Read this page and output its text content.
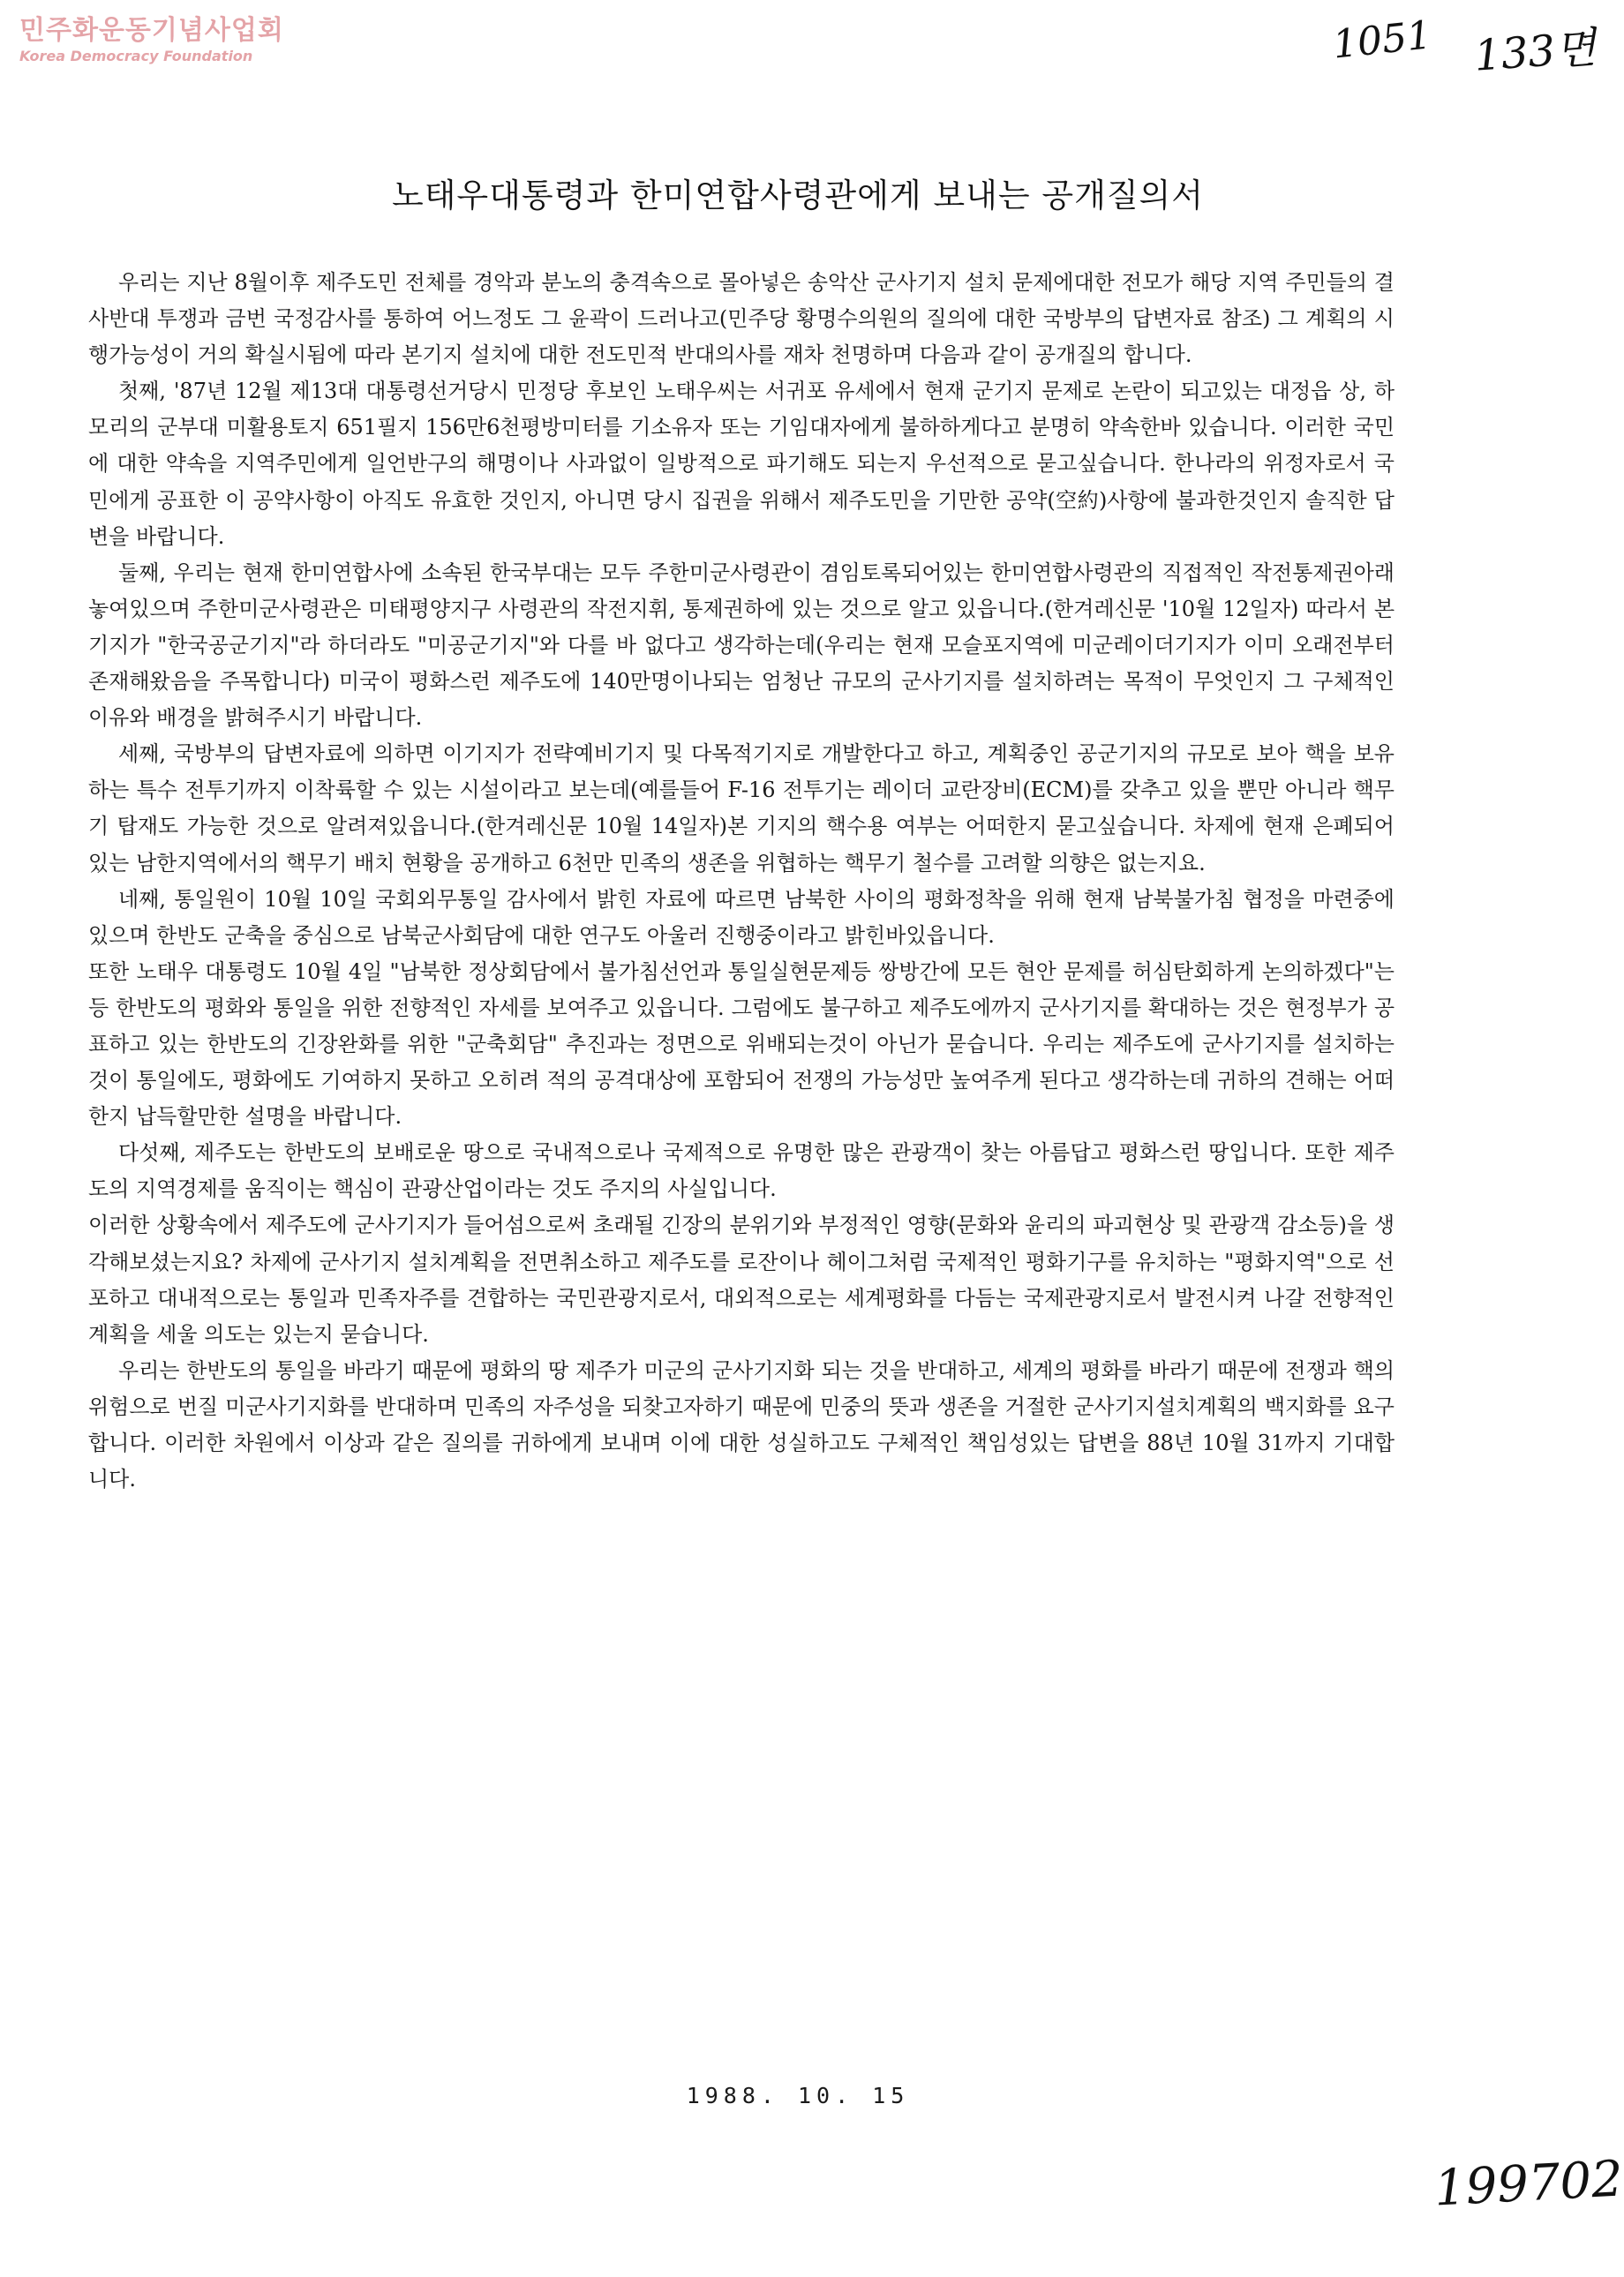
민주화운동기념사업회
Korea Democracy Foundation	1051 133면
노태우대통령과 한미연합사령관에게 보내는 공개질의서

우리는 지난 8월이후 제주도민 전체를 경악과 분노의 충격속으로 몰아넣은 송악산 군사기지 설치 문제에대한 전모가 해당 지역 주민들의 결사반대 투쟁과 금번 국정감사를 통하여 어느정도 그 윤곽이 드러나고(민주당 황명수의원의 질의에 대한 국방부의 답변자료 참조) 그 계획의 시행가능성이 거의 확실시됨에 따라 본기지 설치에 대한 전도민적 반대의사를 재차 천명하며 다음과 같이 공개질의 합니다.

첫째, '87년 12월 제13대 대통령선거당시 민정당 후보인 노태우씨는 서귀포 유세에서 현재 군기지 문제로 논란이 되고있는 대정읍 상, 하모리의 군부대 미활용토지 651필지 156만6천평방미터를 기소유자 또는 기임대자에게 불하하게다고 분명히 약속한바 있습니다. 이러한 국민에 대한 약속을 지역주민에게 일언반구의 해명이나 사과없이 일방적으로 파기해도 되는지 우선적으로 묻고싶습니다. 한나라의 위정자로서 국민에게 공표한 이 공약사항이 아직도 유효한 것인지, 아니면 당시 집권을 위해서 제주도민을 기만한 공약(空約)사항에 불과한것인지 솔직한 답변을 바랍니다.

둘째, 우리는 현재 한미연합사에 소속된 한국부대는 모두 주한미군사령관이 겸임토록되어있는 한미연합사령관의 직접적인 작전통제권아래 놓여있으며 주한미군사령관은 미태평양지구 사령관의 작전지휘, 통제권하에 있는 것으로 알고 있읍니다.(한겨레신문 '10월 12일자) 따라서 본 기지가 "한국공군기지"라 하더라도 "미공군기지"와 다를 바 없다고 생각하는데(우리는 현재 모슬포지역에 미군레이더기지가 이미 오래전부터 존재해왔음을 주목합니다) 미국이 평화스런 제주도에 140만명이나되는 엄청난 규모의 군사기지를 설치하려는 목적이 무엇인지 그 구체적인 이유와 배경을 밝혀주시기 바랍니다.

세째, 국방부의 답변자료에 의하면 이기지가 전략예비기지 및 다목적기지로 개발한다고 하고, 계획중인 공군기지의 규모로 보아 핵을 보유하는 특수 전투기까지 이착륙할 수 있는 시설이라고 보는데(예를들어 F-16 전투기는 레이더 교란장비(ECM)를 갖추고 있을 뿐만 아니라 핵무기 탑재도 가능한 것으로 알려져있읍니다.(한겨레신문 10월 14일자)본 기지의 핵수용 여부는 어떠한지 묻고싶습니다. 차제에 현재 은폐되어 있는 남한지역에서의 핵무기 배치 현황을 공개하고 6천만 민족의 생존을 위협하는 핵무기 철수를 고려할 의향은 없는지요.

네째, 통일원이 10월 10일 국회외무통일 감사에서 밝힌 자료에 따르면 남북한 사이의 평화정착을 위해 현재 남북불가침 협정을 마련중에 있으며 한반도 군축을 중심으로 남북군사회담에 대한 연구도 아울러 진행중이라고 밝힌바있읍니다.

또한 노태우 대통령도 10월 4일 "남북한 정상회담에서 불가침선언과 통일실현문제등 쌍방간에 모든 현안 문제를 허심탄회하게 논의하겠다"는등 한반도의 평화와 통일을 위한 전향적인 자세를 보여주고 있읍니다. 그럼에도 불구하고 제주도에까지 군사기지를 확대하는 것은 현정부가 공표하고 있는 한반도의 긴장완화를 위한 "군축회담" 추진과는 정면으로 위배되는것이 아닌가 묻습니다. 우리는 제주도에 군사기지를 설치하는것이 통일에도, 평화에도 기여하지 못하고 오히려 적의 공격대상에 포함되어 전쟁의 가능성만 높여주게 된다고 생각하는데 귀하의 견해는 어떠한지 납득할만한 설명을 바랍니다.

다섯째, 제주도는 한반도의 보배로운 땅으로 국내적으로나 국제적으로 유명한 많은 관광객이 찾는 아름답고 평화스런 땅입니다. 또한 제주도의 지역경제를 움직이는 핵심이 관광산업이라는 것도 주지의 사실입니다.

이러한 상황속에서 제주도에 군사기지가 들어섬으로써 초래될 긴장의 분위기와 부정적인 영향(문화와 윤리의 파괴현상 및 관광객 감소등)을 생각해보셨는지요? 차제에 군사기지 설치계획을 전면취소하고 제주도를 로잔이나 헤이그처럼 국제적인 평화기구를 유치하는 "평화지역"으로 선포하고 대내적으로는 통일과 민족자주를 견합하는 국민관광지로서, 대외적으로는 세계평화를 다듬는 국제관광지로서 발전시켜 나갈 전향적인 계획을 세울 의도는 있는지 묻습니다.

우리는 한반도의 통일을 바라기 때문에 평화의 땅 제주가 미군의 군사기지화 되는 것을 반대하고, 세계의 평화를 바라기 때문에 전쟁과 핵의 위험으로 번질 미군사기지화를 반대하며 민족의 자주성을 되찾고자하기 때문에 민중의 뜻과 생존을 거절한 군사기지설치계획의 백지화를 요구합니다. 이러한 차원에서 이상과 같은 질의를 귀하에게 보내며 이에 대한 성실하고도 구체적인 책임성있는 답변을 88년 10월 31까지 기대합니다.

1988. 10. 15
199702
